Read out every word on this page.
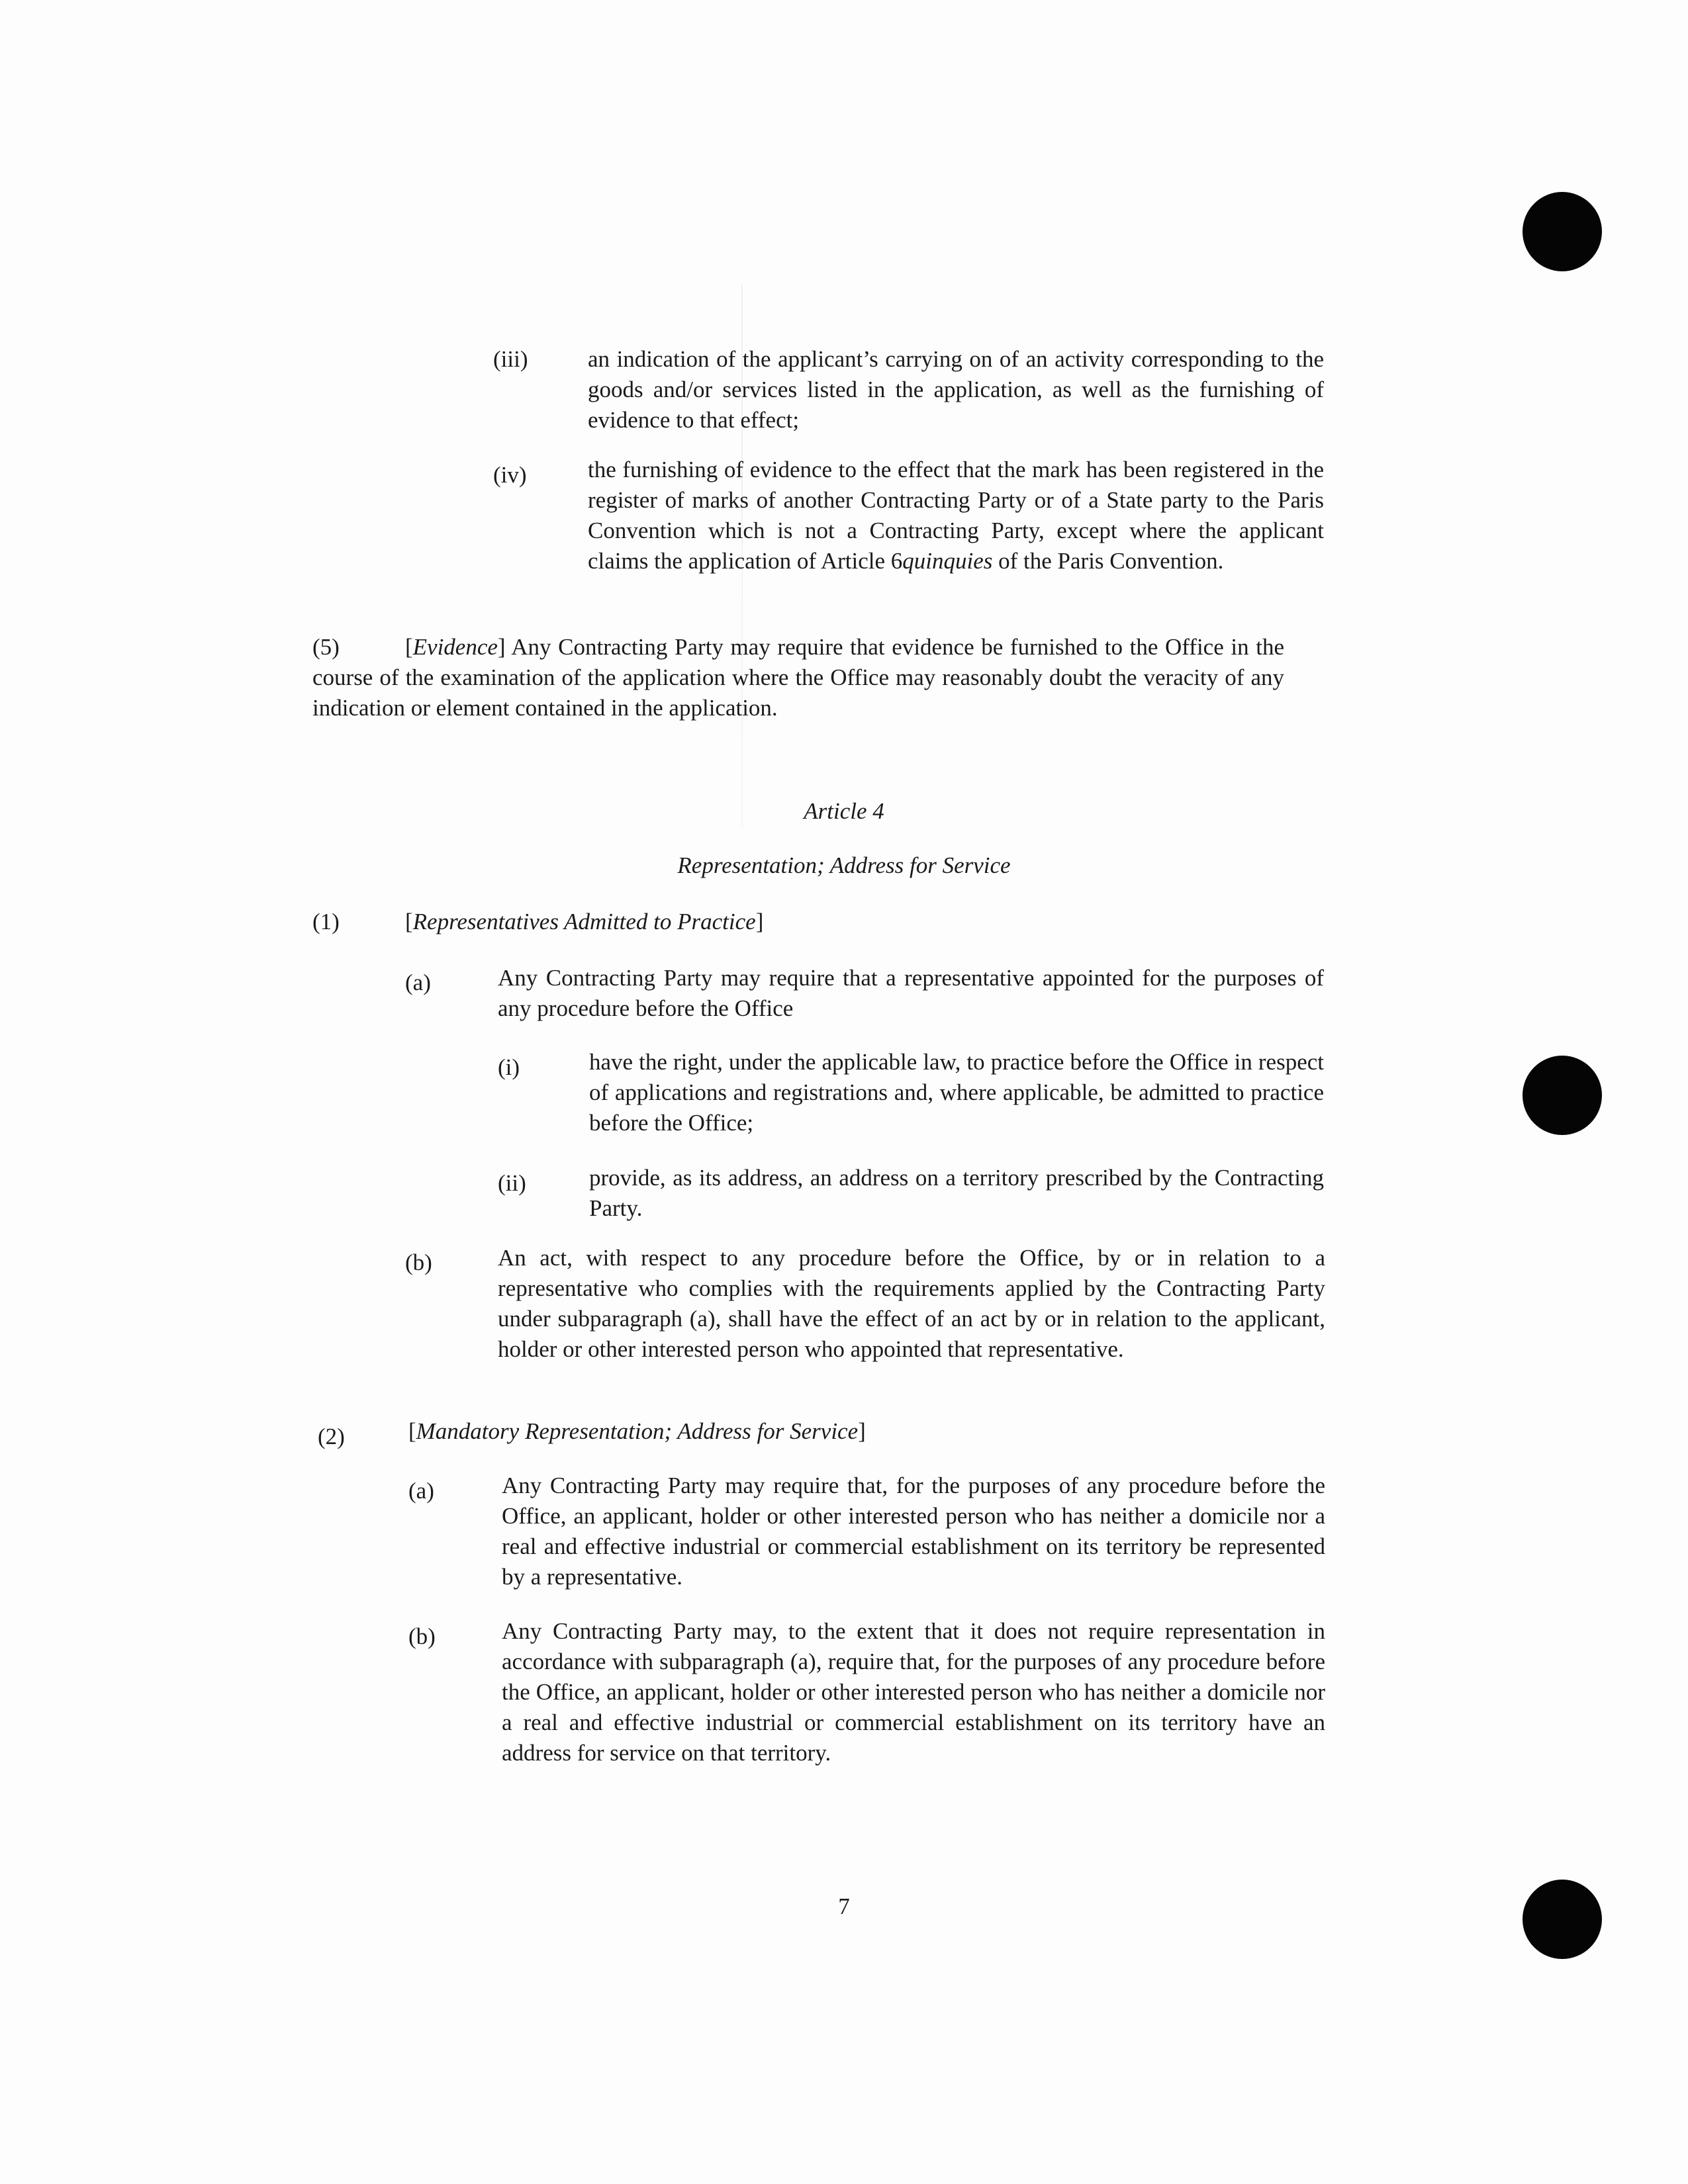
(iii)	an indication of the applicant’s carrying on of an activity corresponding to the goods and/or services listed in the application, as well as the furnishing of evidence to that effect;
(iv)	the furnishing of evidence to the effect that the mark has been registered in the register of marks of another Contracting Party or of a State party to the Paris Convention which is not a Contracting Party, except where the applicant claims the application of Article 6quinquies of the Paris Convention.
(5)	[Evidence] Any Contracting Party may require that evidence be furnished to the Office in the course of the examination of the application where the Office may reasonably doubt the veracity of any indication or element contained in the application.
Article 4
Representation; Address for Service
(1)	[Representatives Admitted to Practice]
(a)	Any Contracting Party may require that a representative appointed for the purposes of any procedure before the Office
(i)	have the right, under the applicable law, to practice before the Office in respect of applications and registrations and, where applicable, be admitted to practice before the Office;
(ii)	provide, as its address, an address on a territory prescribed by the Contracting Party.
(b)	An act, with respect to any procedure before the Office, by or in relation to a representative who complies with the requirements applied by the Contracting Party under subparagraph (a), shall have the effect of an act by or in relation to the applicant, holder or other interested person who appointed that representative.
(2)	[Mandatory Representation; Address for Service]
(a)	Any Contracting Party may require that, for the purposes of any procedure before the Office, an applicant, holder or other interested person who has neither a domicile nor a real and effective industrial or commercial establishment on its territory be represented by a representative.
(b)	Any Contracting Party may, to the extent that it does not require representation in accordance with subparagraph (a), require that, for the purposes of any procedure before the Office, an applicant, holder or other interested person who has neither a domicile nor a real and effective industrial or commercial establishment on its territory have an address for service on that territory.
7
